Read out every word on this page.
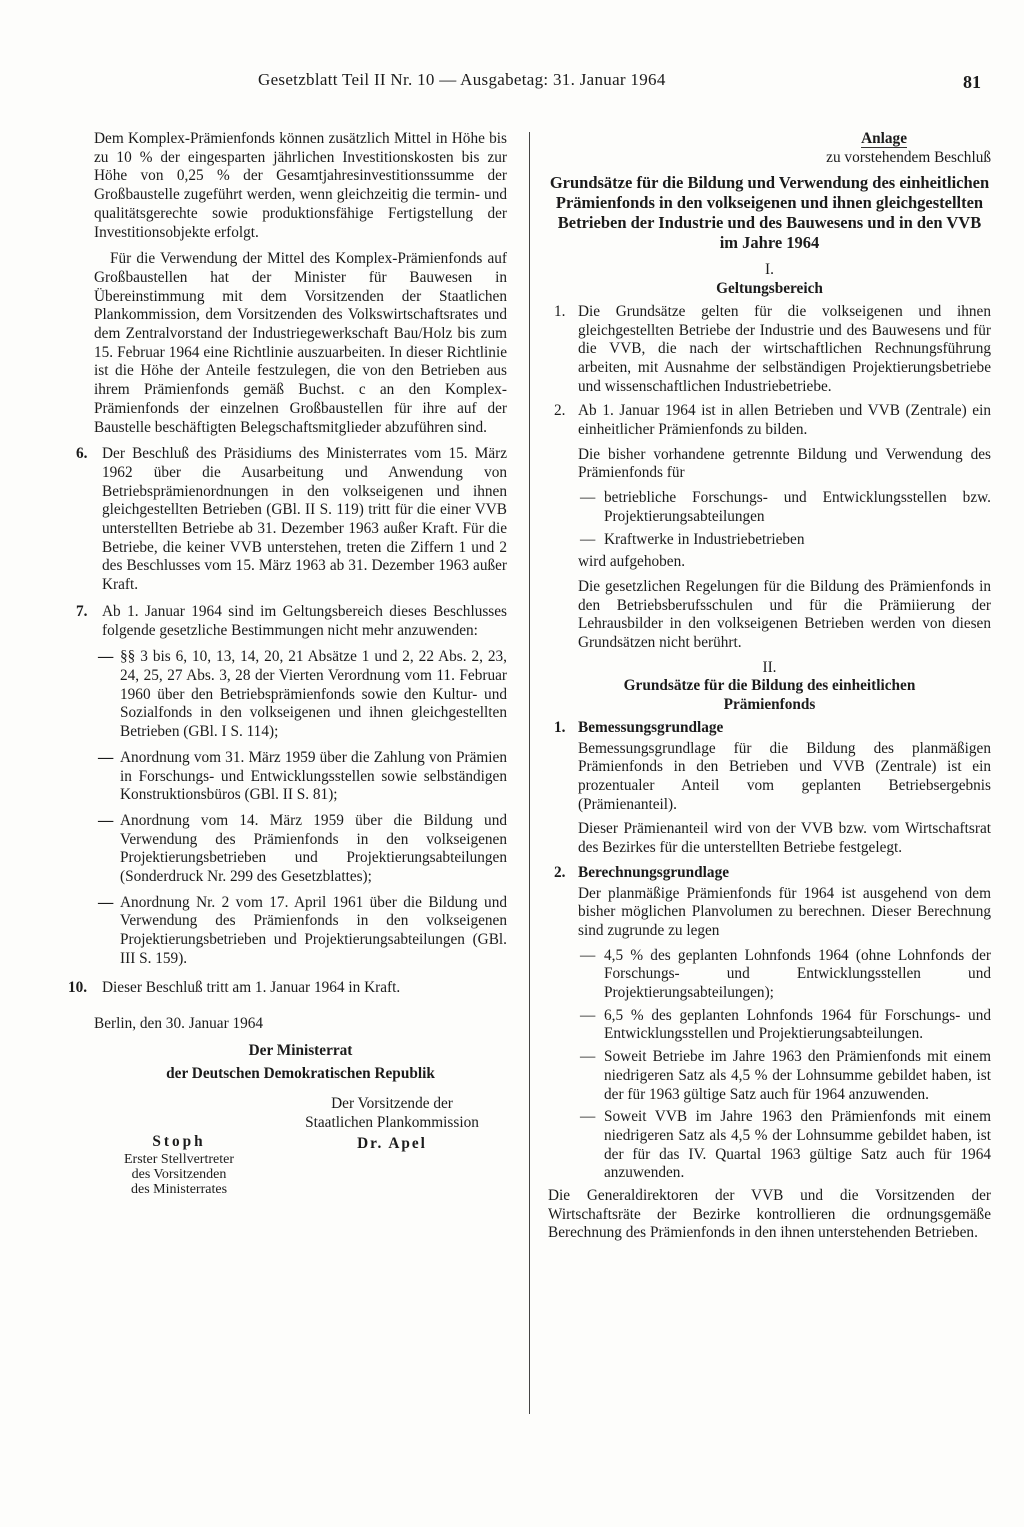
Gesetzblatt Teil II Nr. 10 — Ausgabetag: 31. Januar 1964	81

Dem Komplex-Prämienfonds können zusätzlich Mittel in Höhe bis zu 10 % der eingesparten jährlichen Investitionskosten bis zur Höhe von 0,25 % der Gesamtjahresinvestitionssumme der Großbaustelle zugeführt werden, wenn gleichzeitig die termin- und qualitätsgerechte sowie produktionsfähige Fertigstellung der Investitionsobjekte erfolgt.

Für die Verwendung der Mittel des Komplex-Prämienfonds auf Großbaustellen hat der Minister für Bauwesen in Übereinstimmung mit dem Vorsitzenden der Staatlichen Plankommission, dem Vorsitzenden des Volkswirtschaftsrates und dem Zentralvorstand der Industriegewerkschaft Bau/Holz bis zum 15. Februar 1964 eine Richtlinie auszuarbeiten. In dieser Richtlinie ist die Höhe der Anteile festzulegen, die von den Betrieben aus ihrem Prämienfonds gemäß Buchst. c an den Komplex-Prämienfonds der einzelnen Großbaustellen für ihre auf der Baustelle beschäftigten Belegschaftsmitglieder abzuführen sind.

6. Der Beschluß des Präsidiums des Ministerrates vom 15. März 1962 über die Ausarbeitung und Anwendung von Betriebsprämienordnungen in den volkseigenen und ihnen gleichgestellten Betrieben (GBl. II S. 119) tritt für die einer VVB unterstellten Betriebe ab 31. Dezember 1963 außer Kraft. Für die Betriebe, die keiner VVB unterstehen, treten die Ziffern 1 und 2 des Beschlusses vom 15. März 1963 ab 31. Dezember 1963 außer Kraft.
7. Ab 1. Januar 1964 sind im Geltungsbereich dieses Beschlusses folgende gesetzliche Bestimmungen nicht mehr anzuwenden:
— §§ 3 bis 6, 10, 13, 14, 20, 21 Absätze 1 und 2, 22 Abs. 2, 23, 24, 25, 27 Abs. 3, 28 der Vierten Verordnung vom 11. Februar 1960 über den Betriebsprämienfonds sowie den Kultur- und Sozialfonds in den volkseigenen und ihnen gleichgestellten Betrieben (GBl. I S. 114);
— Anordnung vom 31. März 1959 über die Zahlung von Prämien in Forschungs- und Entwicklungsstellen sowie selbständigen Konstruktionsbüros (GBl. II S. 81);
— Anordnung vom 14. März 1959 über die Bildung und Verwendung des Prämienfonds in den volkseigenen Projektierungsbetrieben und Projektierungsabteilungen (Sonderdruck Nr. 299 des Gesetzblattes);
— Anordnung Nr. 2 vom 17. April 1961 über die Bildung und Verwendung des Prämienfonds in den volkseigenen Projektierungsbetrieben und Projektierungsabteilungen (GBl. III S. 159).
10. Dieser Beschluß tritt am 1. Januar 1964 in Kraft.
Berlin, den 30. Januar 1964
Der Ministerrat
der Deutschen Demokratischen Republik
Der Vorsitzende der
Staatlichen Plankommission
Dr. Apel
Stoph
Erster Stellvertreter
des Vorsitzenden
des Ministerrates
Anlage
zu vorstehendem Beschluß
Grundsätze für die Bildung und Verwendung des einheitlichen Prämienfonds in den volkseigenen und ihnen gleichgestellten Betrieben der Industrie und des Bauwesens und in den VVB im Jahre 1964
I.
Geltungsbereich
1. Die Grundsätze gelten für die volkseigenen und ihnen gleichgestellten Betriebe der Industrie und des Bauwesens und für die VVB, die nach der wirtschaftlichen Rechnungsführung arbeiten, mit Ausnahme der selbständigen Projektierungsbetriebe und wissenschaftlichen Industriebetriebe.
2. Ab 1. Januar 1964 ist in allen Betrieben und VVB (Zentrale) ein einheitlicher Prämienfonds zu bilden.

Die bisher vorhandene getrennte Bildung und Verwendung des Prämienfonds für

— betriebliche Forschungs- und Entwicklungsstellen bzw. Projektierungsabteilungen
— Kraftwerke in Industriebetrieben

wird aufgehoben.

Die gesetzlichen Regelungen für die Bildung des Prämienfonds in den Betriebsberufsschulen und für die Prämiierung der Lehrausbilder in den volkseigenen Betrieben werden von diesen Grundsätzen nicht berührt.

II.
Grundsätze für die Bildung des einheitlichen Prämienfonds
1. Bemessungsgrundlage

Bemessungsgrundlage für die Bildung des planmäßigen Prämienfonds in den Betrieben und VVB (Zentrale) ist ein prozentualer Anteil vom geplanten Betriebsergebnis (Prämienanteil).

Dieser Prämienanteil wird von der VVB bzw. vom Wirtschaftsrat des Bezirkes für die unterstellten Betriebe festgelegt.

2. Berechnungsgrundlage

Der planmäßige Prämienfonds für 1964 ist ausgehend von dem bisher möglichen Planvolumen zu berechnen. Dieser Berechnung sind zugrunde zu legen

— 4,5 % des geplanten Lohnfonds 1964 (ohne Lohnfonds der Forschungs- und Entwicklungsstellen und Projektierungsabteilungen);
— 6,5 % des geplanten Lohnfonds 1964 für Forschungs- und Entwicklungsstellen und Projektierungsabteilungen.
— Soweit Betriebe im Jahre 1963 den Prämienfonds mit einem niedrigeren Satz als 4,5 % der Lohnsumme gebildet haben, ist der für 1963 gültige Satz auch für 1964 anzuwenden.
— Soweit VVB im Jahre 1963 den Prämienfonds mit einem niedrigeren Satz als 4,5 % der Lohnsumme gebildet haben, ist der für das IV. Quartal 1963 gültige Satz auch für 1964 anzuwenden.

Die Generaldirektoren der VVB und die Vorsitzenden der Wirtschaftsräte der Bezirke kontrollieren die ordnungsgemäße Berechnung des Prämienfonds in den ihnen unterstehenden Betrieben.
